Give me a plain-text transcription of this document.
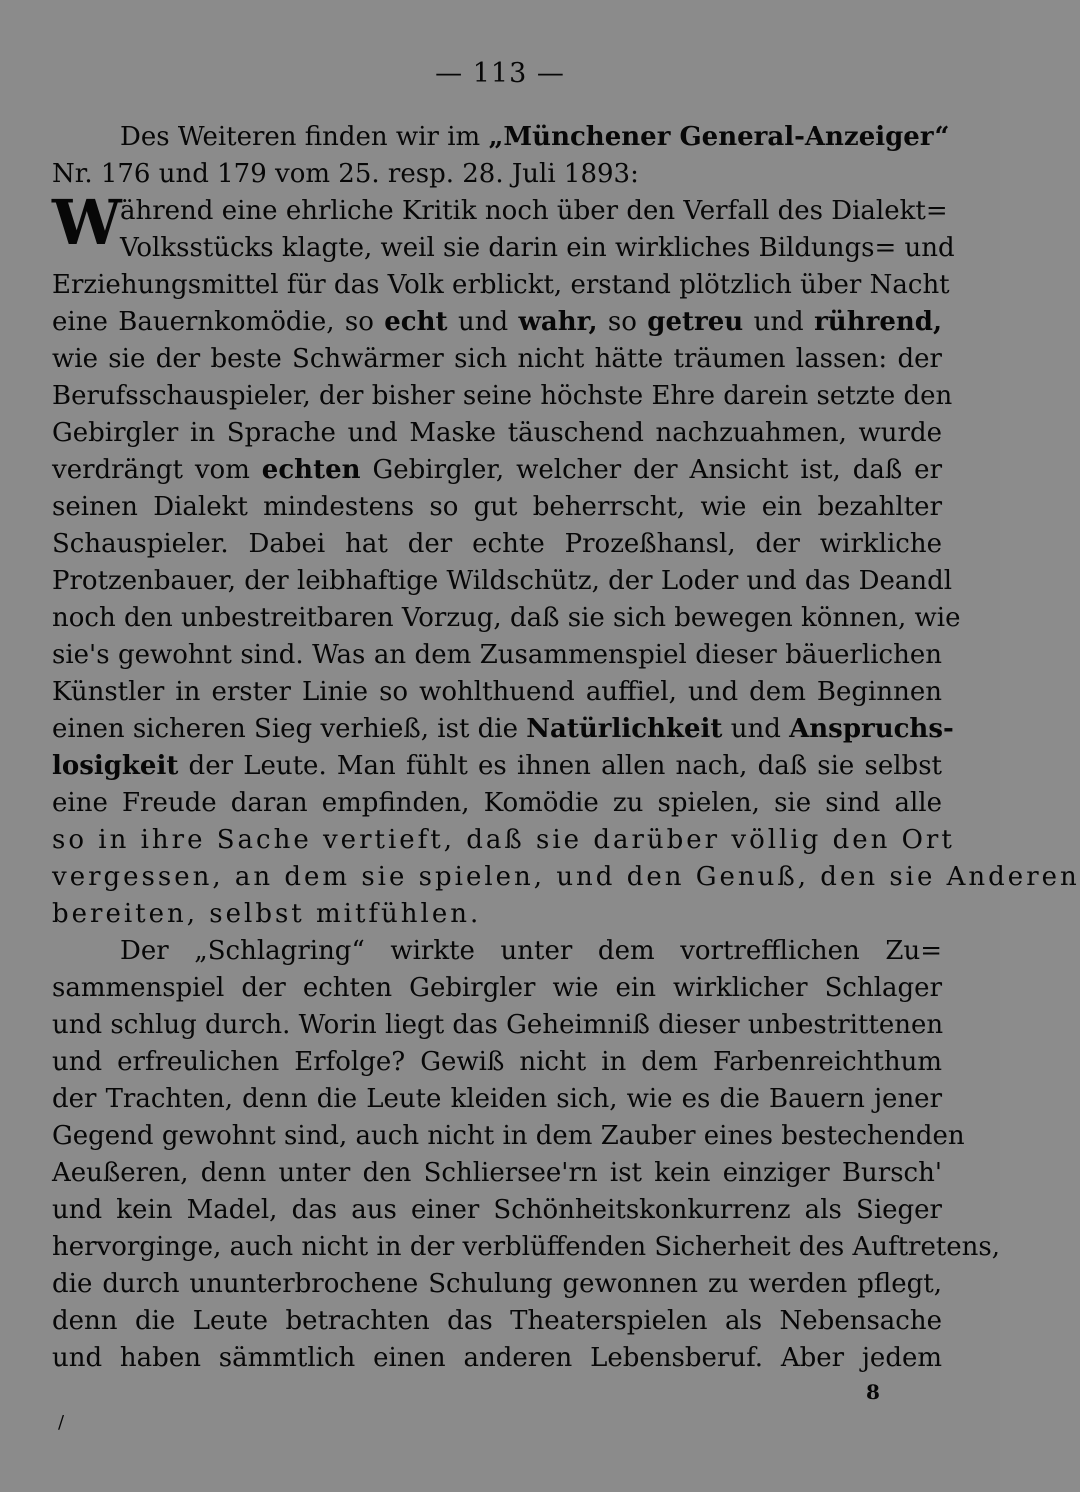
— 113 —
W
Des Weiteren finden wir im „Münchener General-Anzeiger“
Nr. 176 und 179 vom 25. resp. 28. Juli 1893:
ährend eine ehrliche Kritik noch über den Verfall des Dialekt=
Volksstücks klagte, weil sie darin ein wirkliches Bildungs= und
Erziehungsmittel für das Volk erblickt, erstand plötzlich über Nacht
eine Bauernkomödie, so echt und wahr, so getreu und rührend,
wie sie der beste Schwärmer sich nicht hätte träumen lassen: der
Berufsschauspieler, der bisher seine höchste Ehre darein setzte den
Gebirgler in Sprache und Maske täuschend nachzuahmen, wurde
verdrängt vom echten Gebirgler, welcher der Ansicht ist, daß er
seinen Dialekt mindestens so gut beherrscht, wie ein bezahlter
Schauspieler. Dabei hat der echte Prozeßhansl, der wirkliche
Protzenbauer, der leibhaftige Wildschütz, der Loder und das Deandl
noch den unbestreitbaren Vorzug, daß sie sich bewegen können, wie
sie's gewohnt sind. Was an dem Zusammenspiel dieser bäuerlichen
Künstler in erster Linie so wohlthuend auffiel, und dem Beginnen
einen sicheren Sieg verhieß, ist die Natürlichkeit und Anspruchs-
losigkeit der Leute. Man fühlt es ihnen allen nach, daß sie selbst
eine Freude daran empfinden, Komödie zu spielen, sie sind alle
so in ihre Sache vertieft, daß sie darüber völlig den Ort
vergessen, an dem sie spielen, und den Genuß, den sie Anderen
bereiten, selbst mitfühlen.
Der „Schlagring“ wirkte unter dem vortrefflichen Zu=
sammenspiel der echten Gebirgler wie ein wirklicher Schlager
und schlug durch. Worin liegt das Geheimniß dieser unbestrittenen
und erfreulichen Erfolge? Gewiß nicht in dem Farbenreichthum
der Trachten, denn die Leute kleiden sich, wie es die Bauern jener
Gegend gewohnt sind, auch nicht in dem Zauber eines bestechenden
Aeußeren, denn unter den Schliersee'rn ist kein einziger Bursch'
und kein Madel, das aus einer Schönheitskonkurrenz als Sieger
hervorginge, auch nicht in der verblüffenden Sicherheit des Auftretens,
die durch ununterbrochene Schulung gewonnen zu werden pflegt,
denn die Leute betrachten das Theaterspielen als Nebensache
und haben sämmtlich einen anderen Lebensberuf. Aber jedem
8
/
